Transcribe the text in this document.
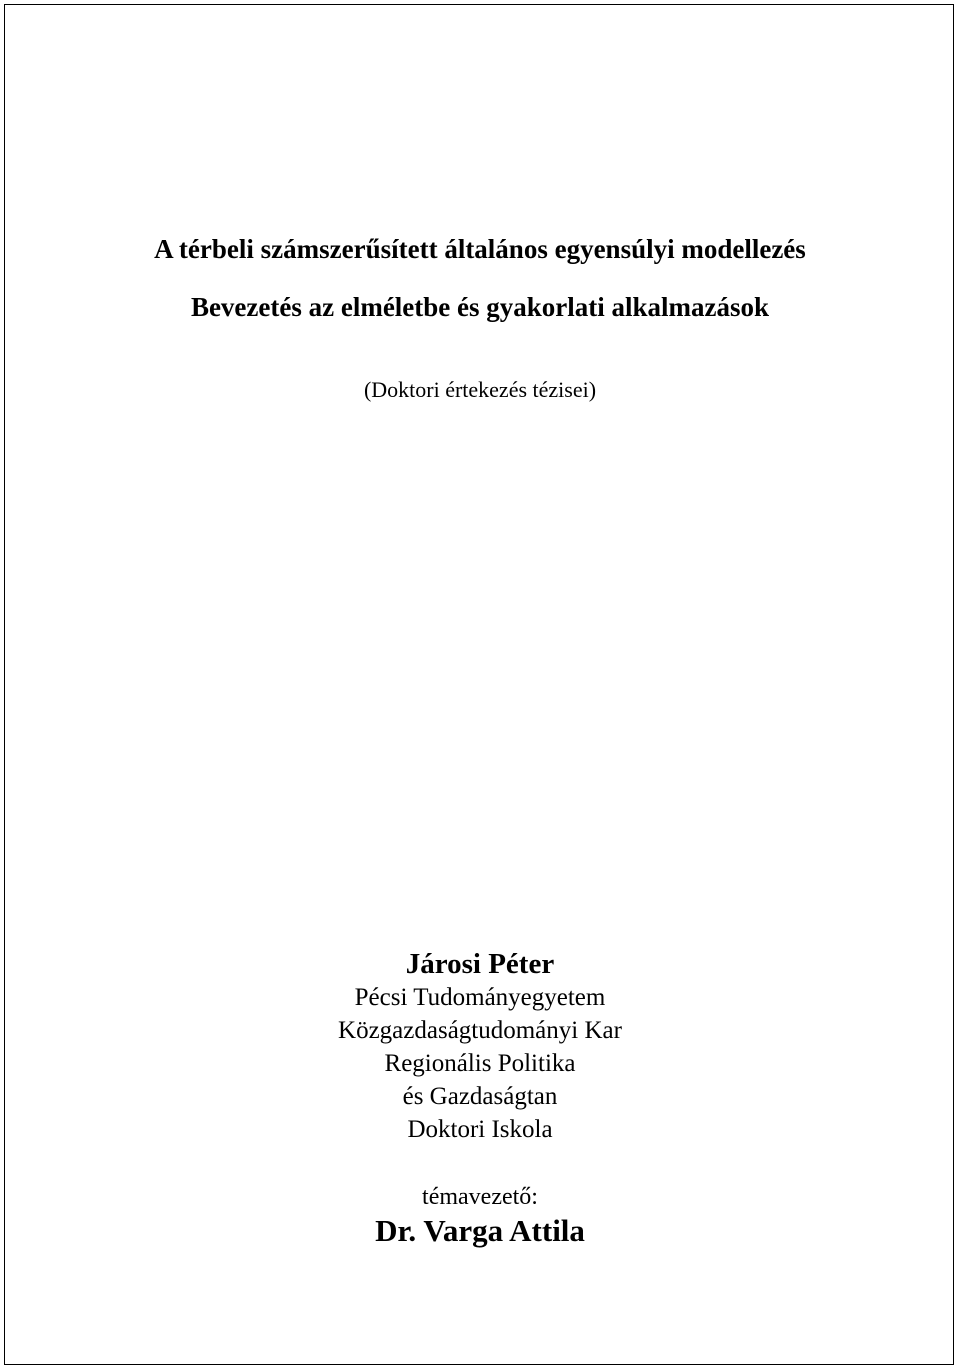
A térbeli számszerűsített általános egyensúlyi modellezés
Bevezetés az elméletbe és gyakorlati alkalmazások
(Doktori értekezés tézisei)
Járosi Péter
Pécsi Tudományegyetem
Közgazdaságtudományi Kar
Regionális Politika
és Gazdaságtan
Doktori Iskola
témavezető:
Dr. Varga Attila
